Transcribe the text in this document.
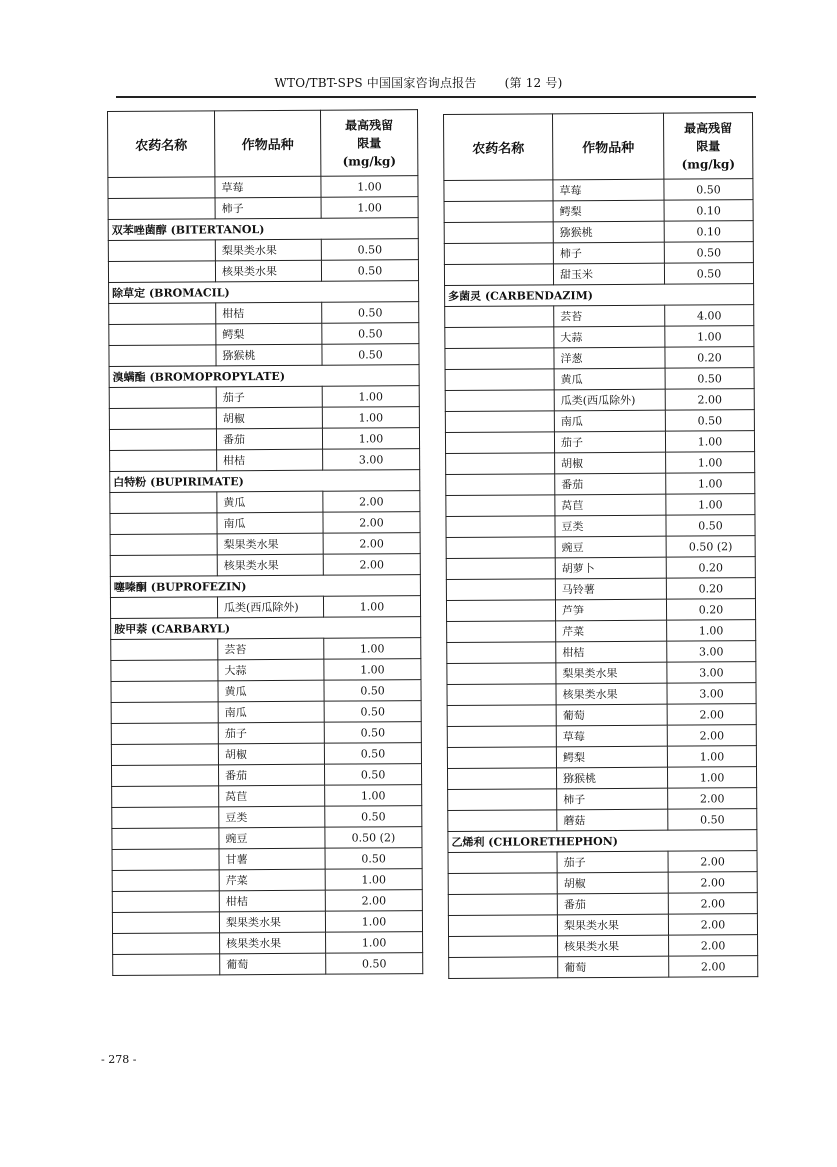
WTO/TBT-SPS 中国国家咨询点报告 (第 12 号)
农药名称	作物品种	最高残留
限量
(mg/kg)

	草莓	1.00
	柿子	1.00
双苯唑菌醇 (BITERTANOL)		
	梨果类水果	0.50
	核果类水果	0.50
除草定 (BROMACIL)		
	柑桔	0.50
	鳄梨	0.50
	猕猴桃	0.50
溴螨酯 (BROMOPROPYLATE)		
	茄子	1.00
	胡椒	1.00
	番茄	1.00
	柑桔	3.00
白特粉 (BUPIRIMATE)		
	黄瓜	2.00
	南瓜	2.00
	梨果类水果	2.00
	核果类水果	2.00
噻嗪酮 (BUPROFEZIN)		
	瓜类(西瓜除外)	1.00
胺甲萘 (CARBARYL)		
	芸苔	1.00
	大蒜	1.00
	黄瓜	0.50
	南瓜	0.50
	茄子	0.50
	胡椒	0.50
	番茄	0.50
	莴苣	1.00
	豆类	0.50
	豌豆	0.50 (2)
	甘薯	0.50
	芹菜	1.00
	柑桔	2.00
	梨果类水果	1.00
	核果类水果	1.00
	葡萄	0.50
农药名称	作物品种	最高残留
限量
(mg/kg)

	草莓	0.50
	鳄梨	0.10
	猕猴桃	0.10
	柿子	0.50
	甜玉米	0.50
多菌灵 (CARBENDAZIM)		
	芸苔	4.00
	大蒜	1.00
	洋葱	0.20
	黄瓜	0.50
	瓜类(西瓜除外)	2.00
	南瓜	0.50
	茄子	1.00
	胡椒	1.00
	番茄	1.00
	莴苣	1.00
	豆类	0.50
	豌豆	0.50 (2)
	胡萝卜	0.20
	马铃薯	0.20
	芦笋	0.20
	芹菜	1.00
	柑桔	3.00
	梨果类水果	3.00
	核果类水果	3.00
	葡萄	2.00
	草莓	2.00
	鳄梨	1.00
	猕猴桃	1.00
	柿子	2.00
	蘑菇	0.50
乙烯利 (CHLORETHEPHON)		
	茄子	2.00
	胡椒	2.00
	番茄	2.00
	梨果类水果	2.00
	核果类水果	2.00
	葡萄	2.00
- 278 -
